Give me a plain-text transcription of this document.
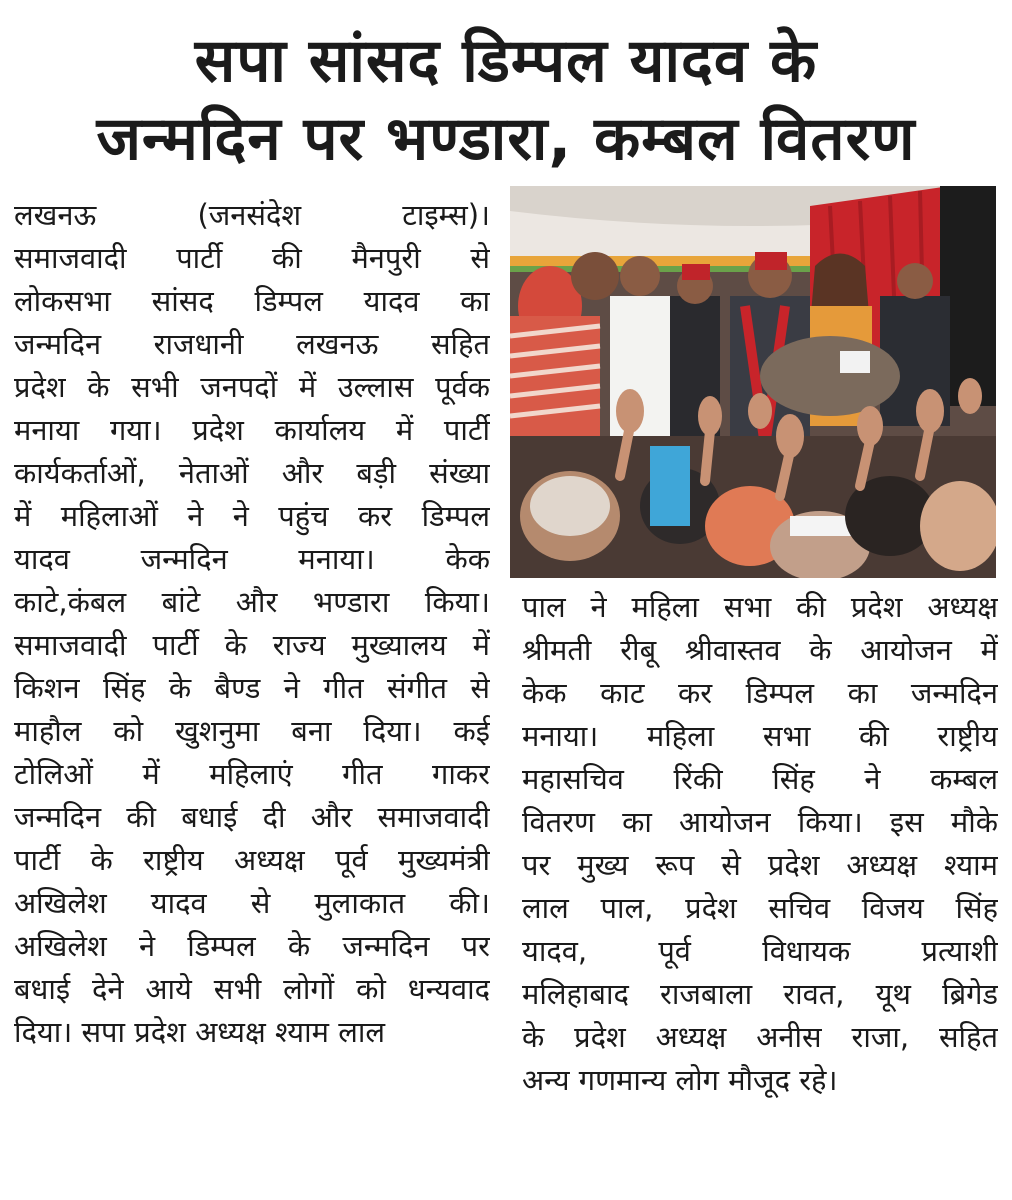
सपा सांसद डिम्पल यादव के
जन्मदिन पर भण्डारा, कम्बल वितरण
लखनऊ (जनसंदेश टाइम्स)।
समाजवादी पार्टी की मैनपुरी से
लोकसभा सांसद डिम्पल यादव का
जन्मदिन राजधानी लखनऊ सहित
प्रदेश के सभी जनपदों में उल्लास पूर्वक
मनाया गया। प्रदेश कार्यालय में पार्टी
कार्यकर्ताओं, नेताओं और बड़ी संख्या
में महिलाओं ने ने पहुंच कर डिम्पल
यादव जन्मदिन मनाया। केक
काटे,कंबल बांटे और भण्डारा किया।
समाजवादी पार्टी के राज्य मुख्यालय में
किशन सिंह के बैण्ड ने गीत संगीत से
माहौल को खुशनुमा बना दिया। कई
टोलिओं में महिलाएं गीत गाकर
जन्मदिन की बधाई दी और समाजवादी
पार्टी के राष्ट्रीय अध्यक्ष पूर्व मुख्यमंत्री
अखिलेश यादव से मुलाकात की।
अखिलेश ने डिम्पल के जन्मदिन पर
बधाई देने आये सभी लोगों को धन्यवाद
दिया। सपा प्रदेश अध्यक्ष श्याम लाल
पाल ने महिला सभा की प्रदेश अध्यक्ष
श्रीमती रीबू श्रीवास्तव के आयोजन में
केक काट कर डिम्पल का जन्मदिन
मनाया। महिला सभा की राष्ट्रीय
महासचिव रिंकी सिंह ने कम्बल
वितरण का आयोजन किया। इस मौके
पर मुख्य रूप से प्रदेश अध्यक्ष श्याम
लाल पाल, प्रदेश सचिव विजय सिंह
यादव, पूर्व विधायक प्रत्याशी
मलिहाबाद राजबाला रावत, यूथ ब्रिगेड
के प्रदेश अध्यक्ष अनीस राजा, सहित
अन्य गणमान्य लोग मौजूद रहे।
